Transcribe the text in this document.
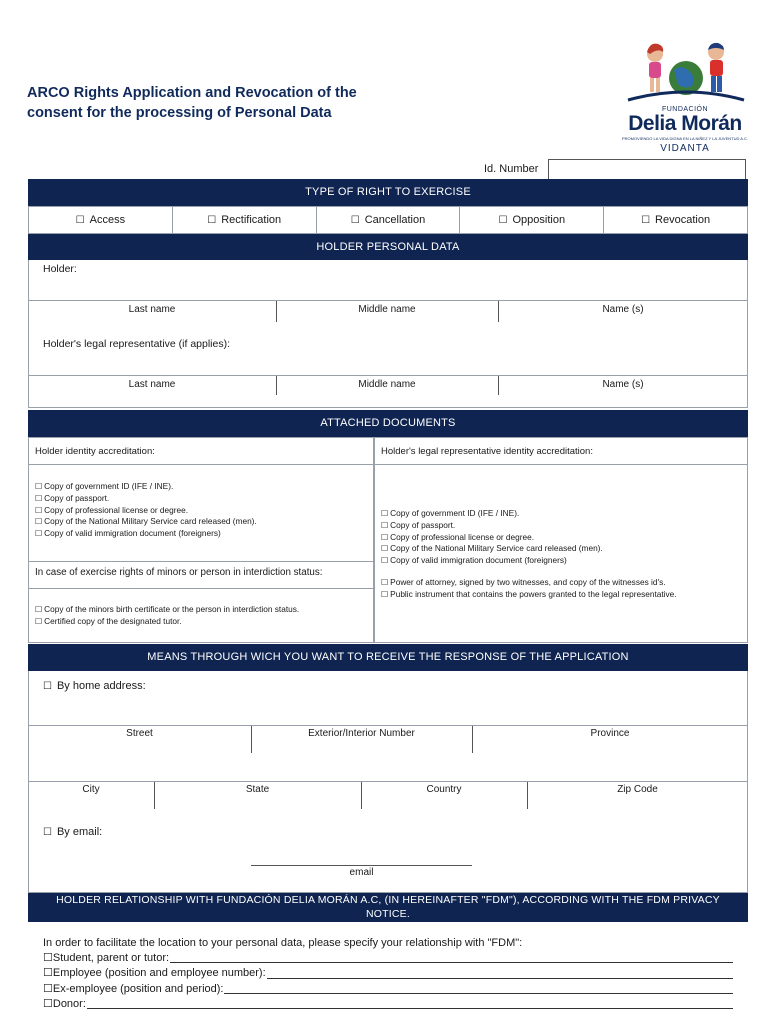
ARCO Rights Application and Revocation of the
consent for the processing of Personal Data	FUNDACIÓN
Delia Morán
PROMOVIENDO LA VIDA DIGNA EN LA NIÑEZ Y LA JUVENTUD A.C.
VIDANTA
Id. Number
TYPE OF RIGHT TO EXERCISE
☐ Access	☐ Rectification	☐ Cancellation	☐ Opposition	☐ Revocation
HOLDER PERSONAL DATA
Holder:
Last name	Middle name	Name (s)
Holder's legal representative (if applies):
Last name	Middle name	Name (s)
ATTACHED DOCUMENTS
Holder identity accreditation:	Holder's legal representative identity accreditation:
☐ Copy of government ID (IFE / INE).
☐ Copy of passport.
☐ Copy of professional license or degree.
☐ Copy of the National Military Service card released (men).
☐ Copy of valid immigration document (foreigners)
In case of exercise rights of minors or person in interdiction status:
☐ Copy of the minors birth certificate or the person in interdiction status.
☐ Certified copy of the designated tutor.
☐ Copy of government ID (IFE / INE).
☐ Copy of passport.
☐ Copy of professional license or degree.
☐ Copy of the National Military Service card released (men).
☐ Copy of valid immigration document (foreigners)
☐ Power of attorney, signed by two witnesses, and copy of the witnesses id's.
☐ Public instrument that contains the powers granted to the legal representative.
MEANS THROUGH WICH YOU WANT TO RECEIVE THE RESPONSE OF THE APPLICATION
☐ By home address:
Street	Exterior/Interior Number	Province
City	State	Country	Zip Code
☐ By email:
email
HOLDER RELATIONSHIP WITH FUNDACIÓN DELIA MORÁN A.C, (IN HEREINAFTER "FDM"), ACCORDING WITH THE FDM PRIVACY
NOTICE.
In order to facilitate the location to your personal data, please specify your relationship with "FDM":
☐ Student, parent or tutor:
☐ Employee (position and employee number):
☐ Ex-employee (position and period):
☐ Donor:
